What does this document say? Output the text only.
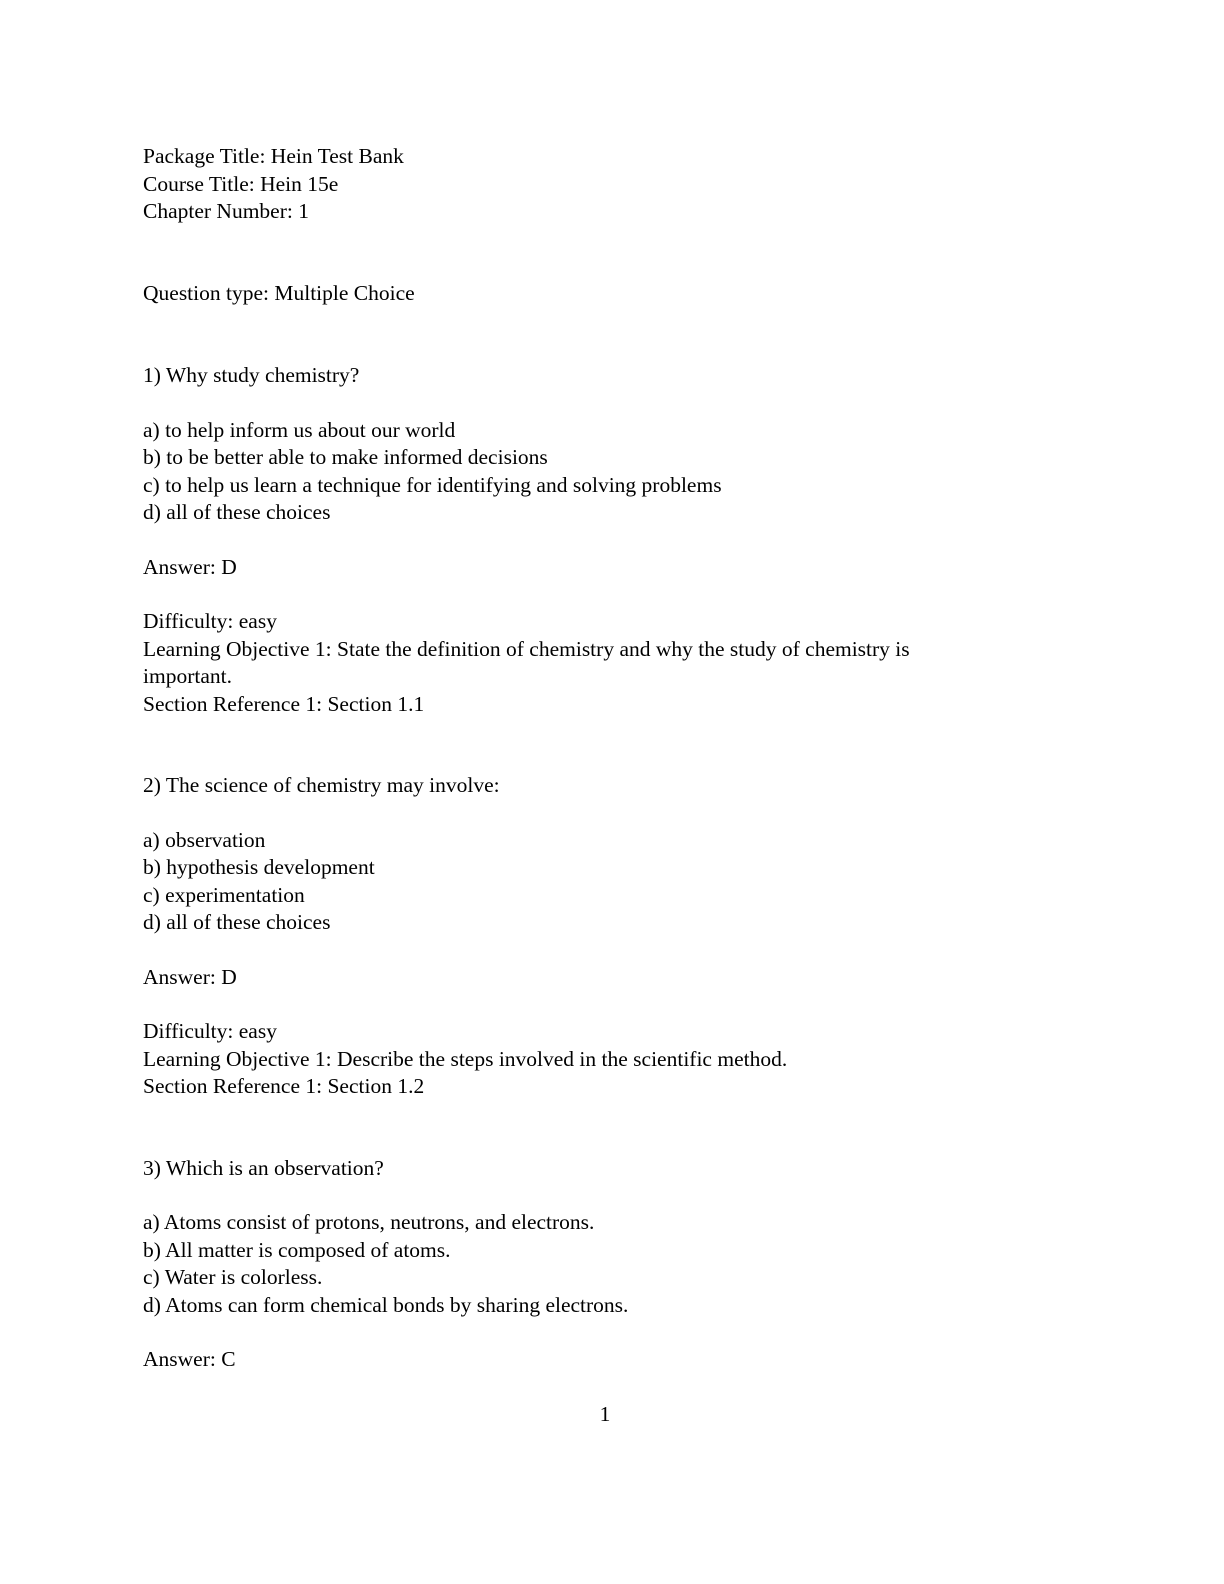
Package Title: Hein Test Bank
Course Title: Hein 15e
Chapter Number: 1
Question type: Multiple Choice
1) Why study chemistry?
a) to help inform us about our world
b) to be better able to make informed decisions
c) to help us learn a technique for identifying and solving problems
d) all of these choices
Answer: D
Difficulty: easy
Learning Objective 1: State the definition of chemistry and why the study of chemistry is important.
Section Reference 1: Section 1.1
2) The science of chemistry may involve:
a) observation
b) hypothesis development
c) experimentation
d) all of these choices
Answer: D
Difficulty: easy
Learning Objective 1: Describe the steps involved in the scientific method.
Section Reference 1: Section 1.2
3) Which is an observation?
a) Atoms consist of protons, neutrons, and electrons.
b) All matter is composed of atoms.
c) Water is colorless.
d) Atoms can form chemical bonds by sharing electrons.
Answer: C
1
